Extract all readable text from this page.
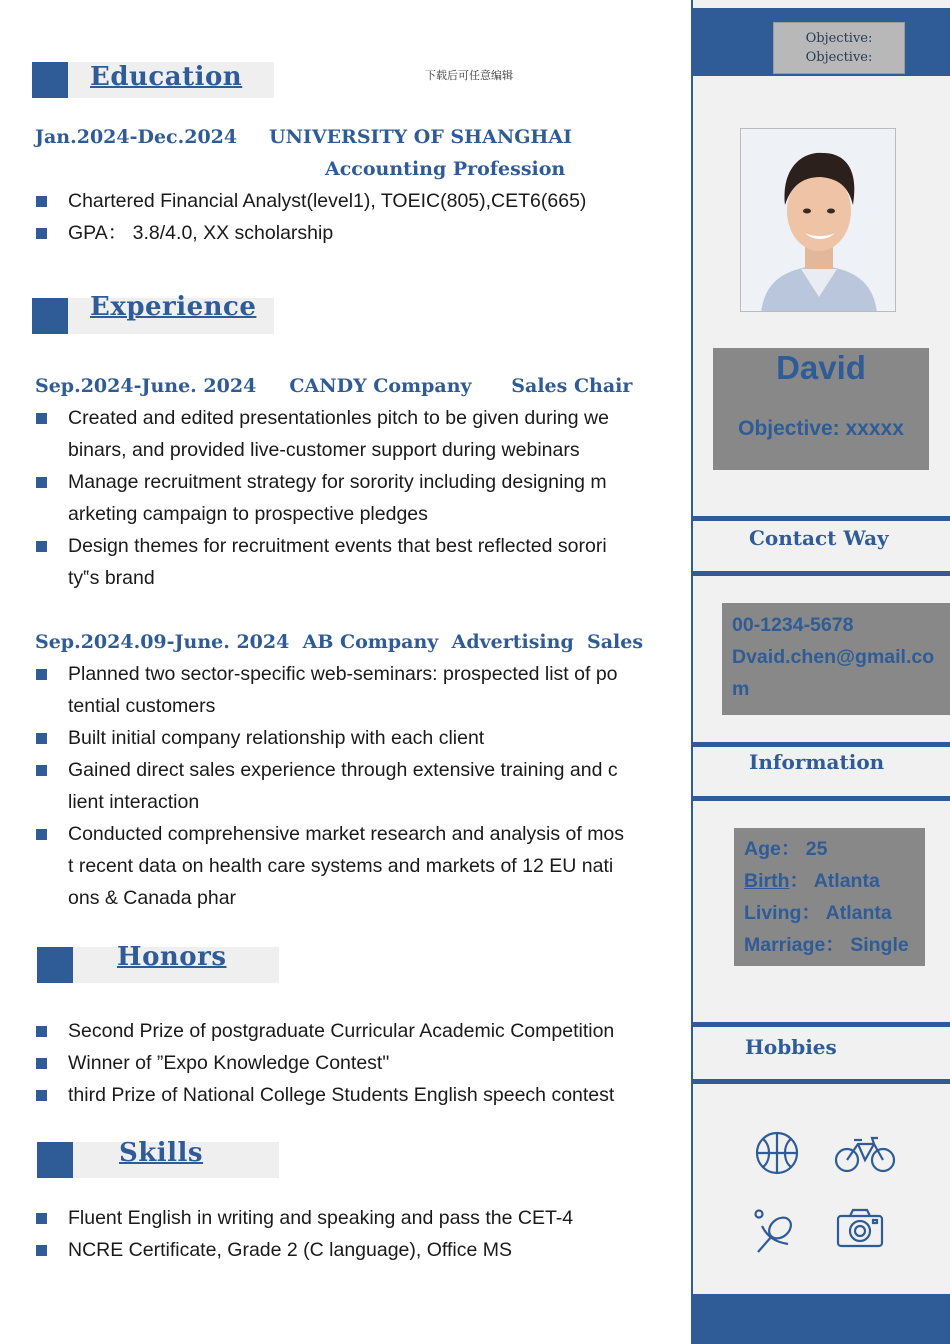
Education	下载后可任意编辑
Jan.2024-Dec.2024 UNIVERSITY OF SHANGHAI
Accounting Profession
Chartered Financial Analyst(level1), TOEIC(805),CET6(665)
GPA： 3.8/4.0, XX scholarship
Experience
Sep.2024-June. 2024     CANDY Company      Sales Chair
Created and edited presentationles pitch to be given during we
binars, and provided live-customer support during webinars
Manage recruitment strategy for sorority including designing m
arketing campaign to prospective pledges
Design themes for recruitment events that best reflected sorori
ty‟s brand
Sep.2024.09-June. 2024  AB Company  Advertising  Sales
Planned two sector-specific web-seminars: prospected list of po
tential customers
Built initial company relationship with each client
Gained direct sales experience through extensive training and c
lient interaction
Conducted comprehensive market research and analysis of mos
t recent data on health care systems and markets of 12 EU nati
ons & Canada phar
Honors
Second Prize of postgraduate Curricular Academic Competition
Winner of ”Expo Knowledge Contest"
third Prize of National College Students English speech contest
Skills
Fluent English in writing and speaking and pass the CET-4
NCRE Certificate, Grade 2 (C language), Office MS
Objective:
Objective:
David
Objective: xxxxx
Contact Way
00-1234-5678
Dvaid.chen@gmail.co
m
Information
Age： 25
Birth： Atlanta
Living： Atlanta
Marriage： Single
Hobbies
